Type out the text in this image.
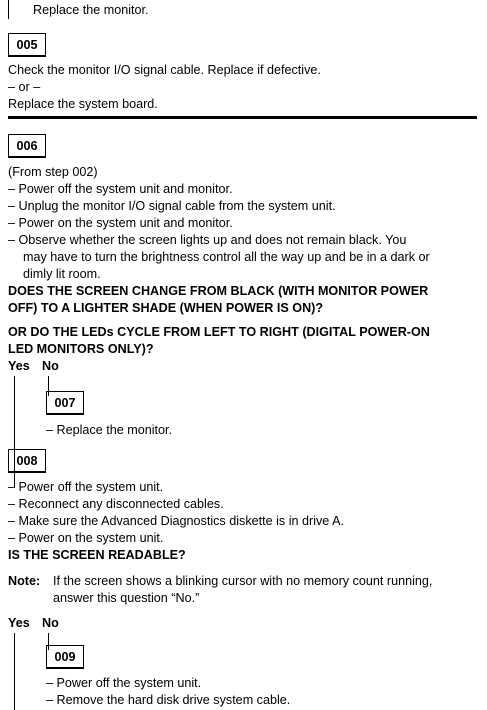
Replace the monitor.
005
Check the monitor I/O signal cable. Replace if defective.
– or –
Replace the system board.
006
(From step 002)
– Power off the system unit and monitor.
– Unplug the monitor I/O signal cable from the system unit.
– Power on the system unit and monitor.
– Observe whether the screen lights up and does not remain black. You
may have to turn the brightness control all the way up and be in a dark or
dimly lit room.
DOES THE SCREEN CHANGE FROM BLACK (WITH MONITOR POWER
OFF) TO A LIGHTER SHADE (WHEN POWER IS ON)?
OR DO THE LEDs CYCLE FROM LEFT TO RIGHT (DIGITAL POWER-ON
LED MONITORS ONLY)?
Yes No
007
– Replace the monitor.
008
– Power off the system unit.
– Reconnect any disconnected cables.
– Make sure the Advanced Diagnostics diskette is in drive A.
– Power on the system unit.
IS THE SCREEN READABLE?
Note: If the screen shows a blinking cursor with no memory count running,
answer this question “No.”
Yes No
009
– Power off the system unit.
– Remove the hard disk drive system cable.
